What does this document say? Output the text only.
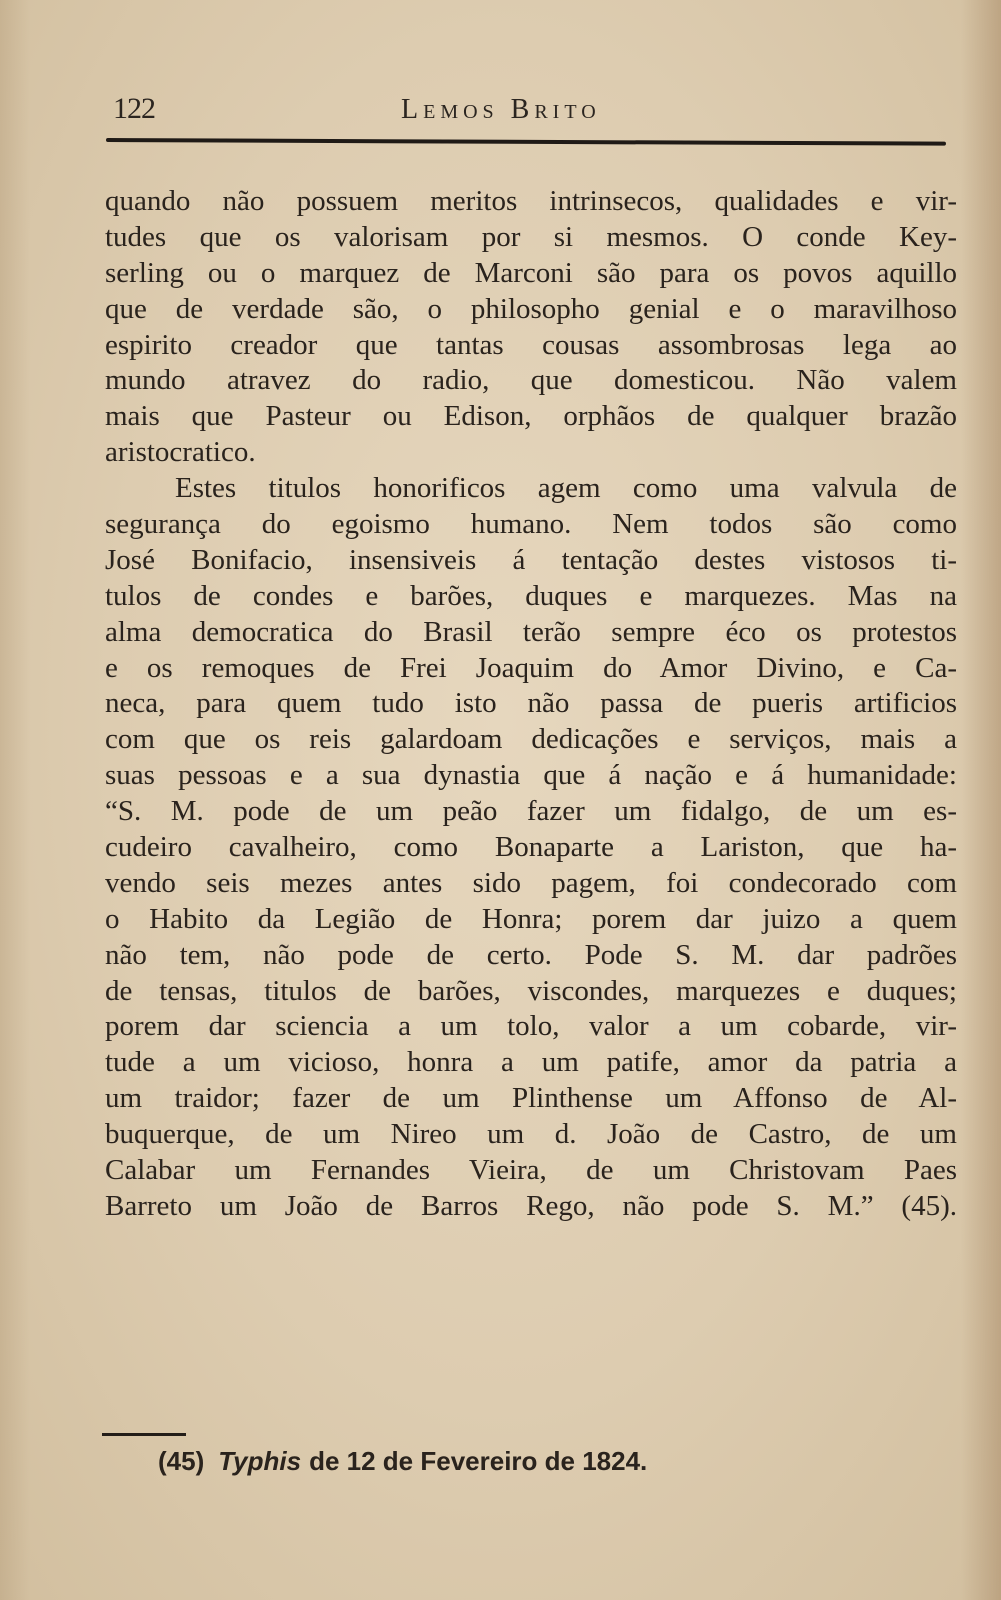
122	Lemos Brito
quando não possuem meritos intrinsecos, qualidades e vir-
tudes que os valorisam por si mesmos. O conde Key-
serling ou o marquez de Marconi são para os povos aquillo
que de verdade são, o philosopho genial e o maravilhoso
espirito creador que tantas cousas assombrosas lega ao
mundo atravez do radio, que domesticou. Não valem
mais que Pasteur ou Edison, orphãos de qualquer brazão
aristocratico.
Estes titulos honorificos agem como uma valvula de
segurança do egoismo humano. Nem todos são como
José Bonifacio, insensiveis á tentação destes vistosos ti-
tulos de condes e barões, duques e marquezes. Mas na
alma democratica do Brasil terão sempre éco os protestos
e os remoques de Frei Joaquim do Amor Divino, e Ca-
neca, para quem tudo isto não passa de pueris artificios
com que os reis galardoam dedicações e serviços, mais a
suas pessoas e a sua dynastia que á nação e á humanidade:
“S. M. pode de um peão fazer um fidalgo, de um es-
cudeiro cavalheiro, como Bonaparte a Lariston, que ha-
vendo seis mezes antes sido pagem, foi condecorado com
o Habito da Legião de Honra; porem dar juizo a quem
não tem, não pode de certo. Pode S. M. dar padrões
de tensas, titulos de barões, viscondes, marquezes e duques;
porem dar sciencia a um tolo, valor a um cobarde, vir-
tude a um vicioso, honra a um patife, amor da patria a
um traidor; fazer de um Plinthense um Affonso de Al-
buquerque, de um Nireo um d. João de Castro, de um
Calabar um Fernandes Vieira, de um Christovam Paes
Barreto um João de Barros Rego, não pode S. M.” (45).
(45) Typhis de 12 de Fevereiro de 1824.
